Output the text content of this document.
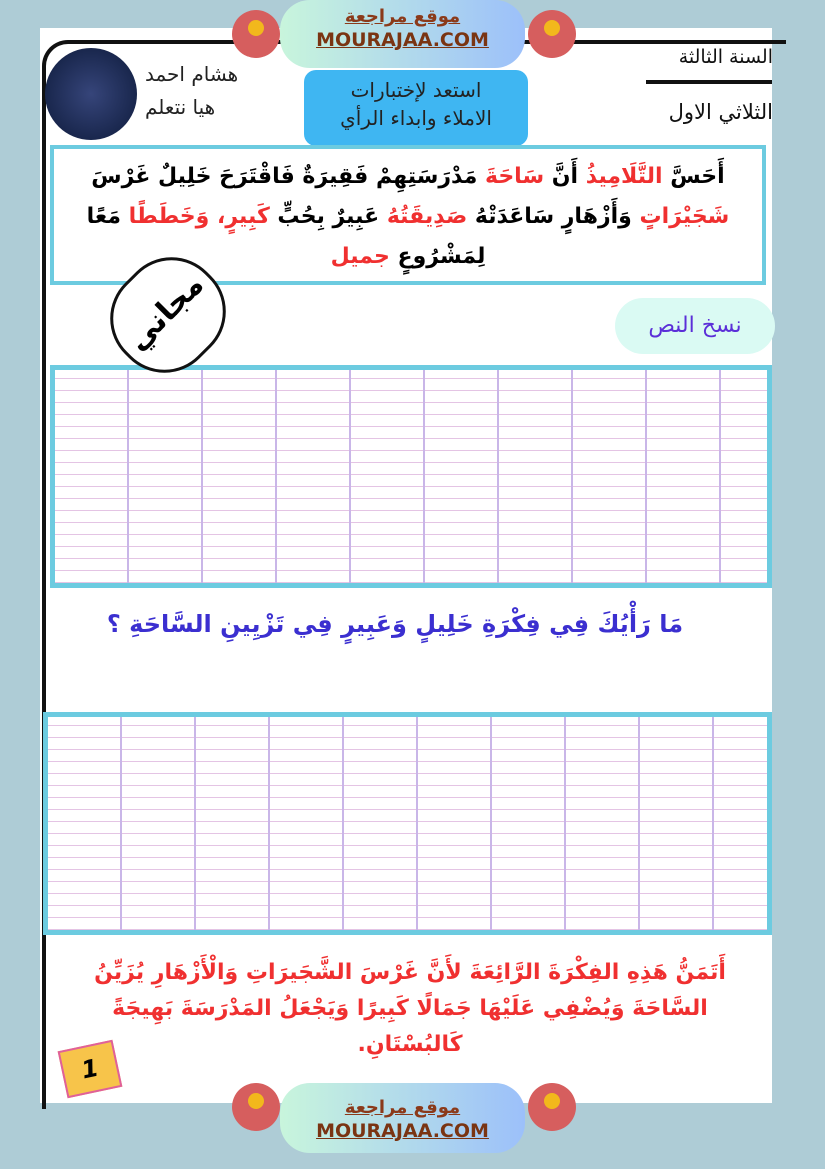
موقع مراجعة
MOURAJAA.COM
السنة الثالثة
الثلاثي الاول
استعد لإختبارات
الاملاء وابداء الرأي
هشام احمد
هيا نتعلم
أَحَسَّ التَّلَامِيذُ أَنَّ سَاحَةَ مَدْرَسَتِهِمْ فَقِيرَةٌ فَاقْتَرَحَ خَلِيلٌ غَرْسَ شَجَيْرَاتٍ وَأَزْهَارٍ سَاعَدَتْهُ صَدِيقَتُهُ عَبِيرٌ بِحُبٍّ كَبِيرٍ، وَخَطَطًا مَعًا لِمَشْرُوعٍ جميل
مجاني	نسخ النص
مَا رَأْيُكَ فِي فِكْرَةِ خَلِيلٍ وَعَبِيرٍ فِي تَزْيِينِ السَّاحَةِ ؟
أَتَمَنُّ هَذِهِ الفِكْرَةَ الرَّائِعَةَ لأَنَّ غَرْسَ الشَّجَيرَاتِ وَالْأَزْهَارِ يُزَيِّنُ السَّاحَةَ وَيُضْفِي عَلَيْهَا جَمَالًا كَبِيرًا وَيَجْعَلُ المَدْرَسَةَ بَهِيجَةً كَالبُسْتَانِ.
1
موقع مراجعة
MOURAJAA.COM
